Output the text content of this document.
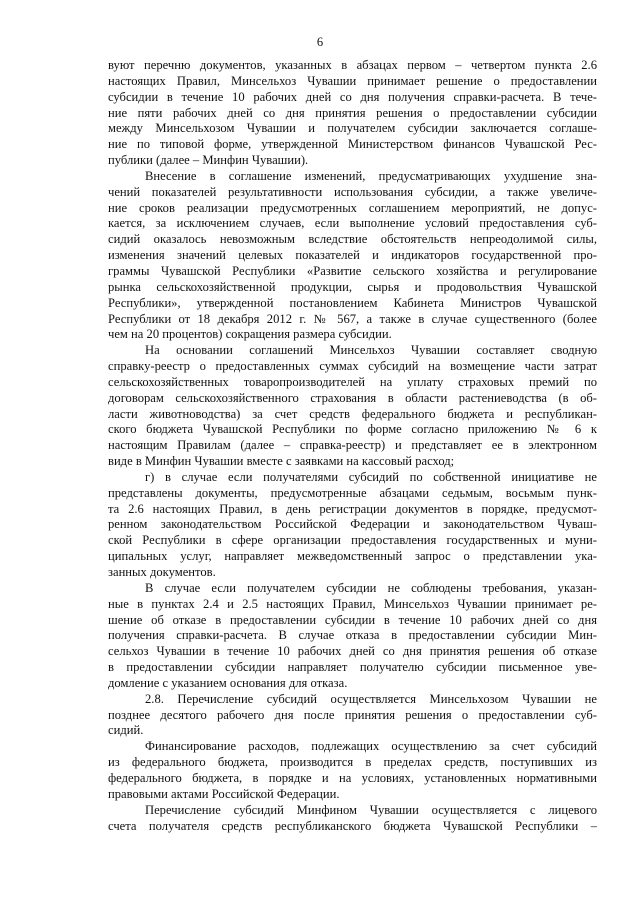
6
вуют перечню документов, указанных в абзацах первом – четвертом пункта 2.6
настоящих Правил, Минсельхоз Чувашии принимает решение о предоставлении
субсидии в течение 10 рабочих дней со дня получения справки-расчета. В тече-
ние пяти рабочих дней со дня принятия решения о предоставлении субсидии
между Минсельхозом Чувашии и получателем субсидии заключается соглаше-
ние по типовой форме, утвержденной Министерством финансов Чувашской Рес-
публики (далее – Минфин Чувашии).
Внесение в соглашение изменений, предусматривающих ухудшение зна-
чений показателей результативности использования субсидии, а также увеличе-
ние сроков реализации предусмотренных соглашением мероприятий, не допус-
кается, за исключением случаев, если выполнение условий предоставления суб-
сидий оказалось невозможным вследствие обстоятельств непреодолимой силы,
изменения значений целевых показателей и индикаторов государственной про-
граммы Чувашской Республики «Развитие сельского хозяйства и регулирование
рынка сельскохозяйственной продукции, сырья и продовольствия Чувашской
Республики», утвержденной постановлением Кабинета Министров Чувашской
Республики от 18 декабря 2012 г. № 567, а также в случае существенного (более
чем на 20 процентов) сокращения размера субсидии.
На основании соглашений Минсельхоз Чувашии составляет сводную
справку-реестр о предоставленных суммах субсидий на возмещение части затрат
сельскохозяйственных товаропроизводителей на уплату страховых премий по
договорам сельскохозяйственного страхования в области растениеводства (в об-
ласти животноводства) за счет средств федерального бюджета и республикан-
ского бюджета Чувашской Республики по форме согласно приложению № 6 к
настоящим Правилам (далее – справка-реестр) и представляет ее в электронном
виде в Минфин Чувашии вместе с заявками на кассовый расход;
г) в случае если получателями субсидий по собственной инициативе не
представлены документы, предусмотренные абзацами седьмым, восьмым пунк-
та 2.6 настоящих Правил, в день регистрации документов в порядке, предусмот-
ренном законодательством Российской Федерации и законодательством Чуваш-
ской Республики в сфере организации предоставления государственных и муни-
ципальных услуг, направляет межведомственный запрос о представлении ука-
занных документов.
В случае если получателем субсидии не соблюдены требования, указан-
ные в пунктах 2.4 и 2.5 настоящих Правил, Минсельхоз Чувашии принимает ре-
шение об отказе в предоставлении субсидии в течение 10 рабочих дней со дня
получения справки-расчета. В случае отказа в предоставлении субсидии Мин-
сельхоз Чувашии в течение 10 рабочих дней со дня принятия решения об отказе
в предоставлении субсидии направляет получателю субсидии письменное уве-
домление с указанием основания для отказа.
2.8. Перечисление субсидий осуществляется Минсельхозом Чувашии не
позднее десятого рабочего дня после принятия решения о предоставлении суб-
сидий.
Финансирование расходов, подлежащих осуществлению за счет субсидий
из федерального бюджета, производится в пределах средств, поступивших из
федерального бюджета, в порядке и на условиях, установленных нормативными
правовыми актами Российской Федерации.
Перечисление субсидий Минфином Чувашии осуществляется с лицевого
счета получателя средств республиканского бюджета Чувашской Республики –
